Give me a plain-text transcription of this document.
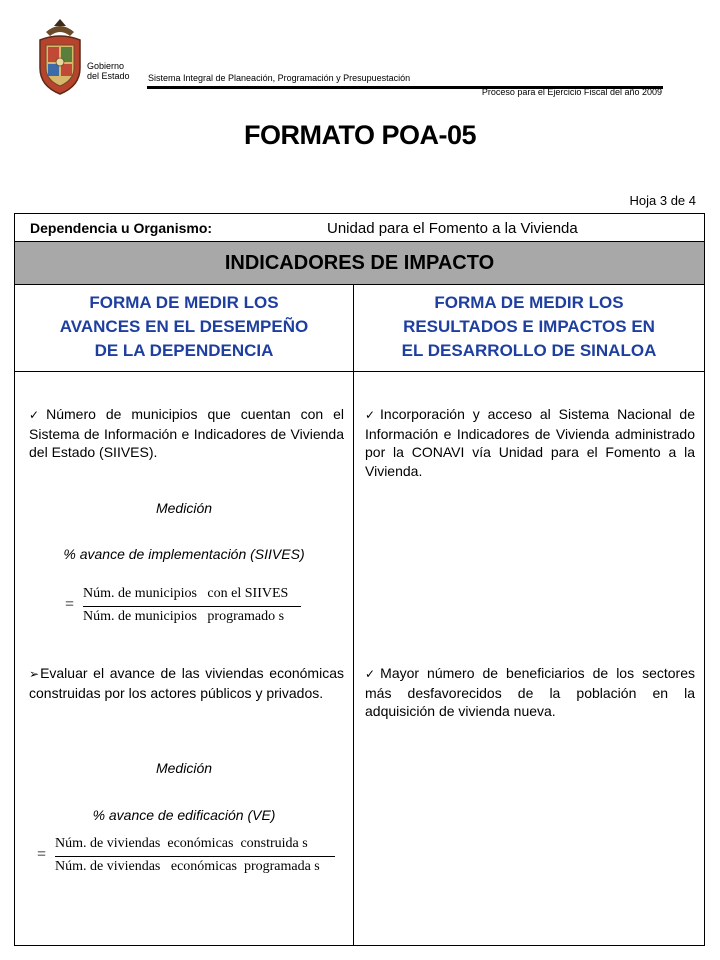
Gobierno
del Estado Sistema Integral de Planeación, Programación y Presupuestación
Proceso para el Ejercicio Fiscal del año 2009
FORMATO POA-05
Hoja 3 de 4
Dependencia u Organismo:	Unidad para el Fomento a la Vivienda
INDICADORES DE IMPACTO
FORMA DE MEDIR LOS
AVANCES EN EL DESEMPEÑO
DE LA DEPENDENCIA
FORMA DE MEDIR LOS
RESULTADOS E IMPACTOS EN
EL DESARROLLO DE SINALOA
✓Número de municipios que cuentan con el Sistema de Información e Indicadores de Vivienda del Estado (SIIVES).
Medición
% avance de implementación (SIIVES)
=
Núm. de municipios   con el SIIVES
Núm. de municipios   programado s
➢Evaluar el avance de las viviendas económicas construidas por los actores públicos y privados.
Medición
% avance de edificación (VE)
=
Núm. de viviendas  económicas  construida s
Núm. de viviendas   económicas  programada s
✓Incorporación y acceso al Sistema Nacional de Información e Indicadores de Vivienda administrado por la CONAVI vía Unidad para el Fomento a la Vivienda.
✓Mayor número de beneficiarios de los sectores más desfavorecidos de la población en la adquisición de vivienda nueva.
